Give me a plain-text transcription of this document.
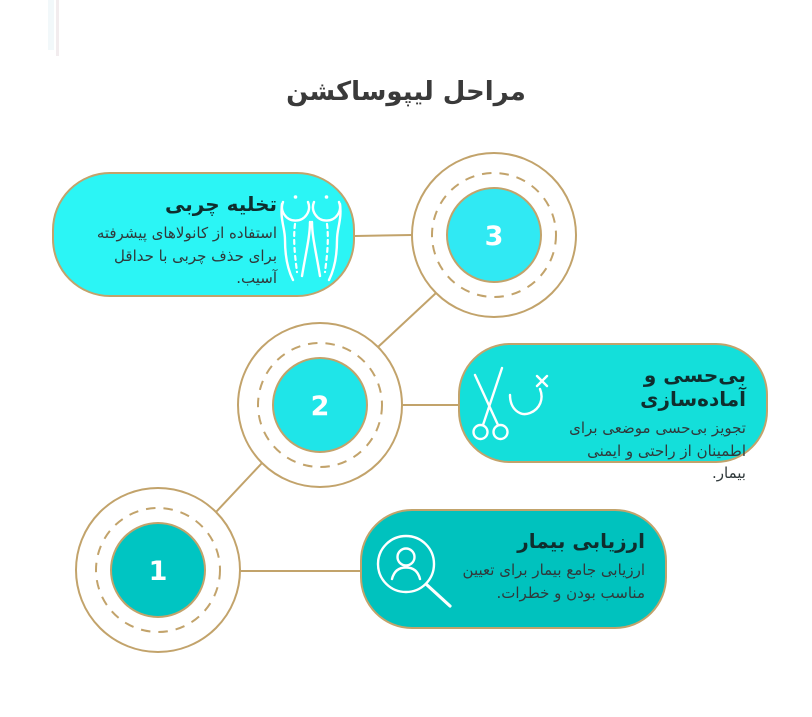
مراحل لیپوساکشن
3
2
1
تخلیه چربی
استفاده از کانولاهای پیشرفته برای حذف چربی با حداقل آسیب.
بی‌حسی و آماده‌سازی
تجویز بی‌حسی موضعی برای اطمینان از راحتی و ایمنی بیمار.
ارزیابی بیمار
ارزیابی جامع بیمار برای تعیین مناسب بودن و خطرات.
